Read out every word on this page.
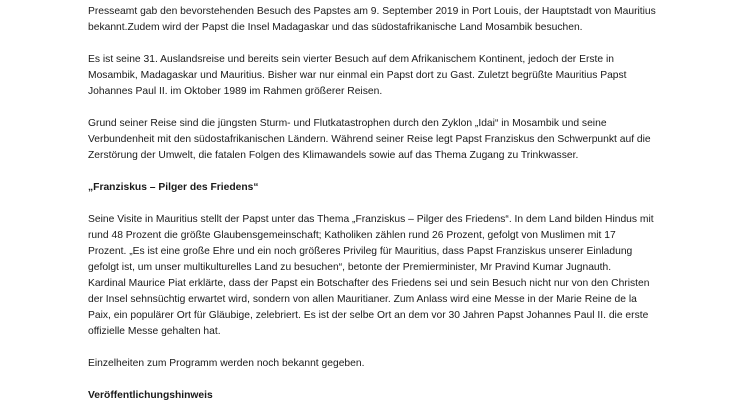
Presseamt gab den bevorstehenden Besuch des Papstes am 9. September 2019 in Port Louis, der Hauptstadt von Mauritius
bekannt.Zudem wird der Papst die Insel Madagaskar und das südostafrikanische Land Mosambik besuchen.
Es ist seine 31. Auslandsreise und bereits sein vierter Besuch auf dem Afrikanischem Kontinent, jedoch der Erste in
Mosambik, Madagaskar und Mauritius. Bisher war nur einmal ein Papst dort zu Gast. Zuletzt begrüßte Mauritius Papst
Johannes Paul II. im Oktober 1989 im Rahmen größerer Reisen.
Grund seiner Reise sind die jüngsten Sturm- und Flutkatastrophen durch den Zyklon „Idai“ in Mosambik und seine
Verbundenheit mit den südostafrikanischen Ländern. Während seiner Reise legt Papst Franziskus den Schwerpunkt auf die
Zerstörung der Umwelt, die fatalen Folgen des Klimawandels sowie auf das Thema Zugang zu Trinkwasser.
„Franziskus – Pilger des Friedens“
Seine Visite in Mauritius stellt der Papst unter das Thema „Franziskus – Pilger des Friedens“. In dem Land bilden Hindus mit
rund 48 Prozent die größte Glaubensgemeinschaft; Katholiken zählen rund 26 Prozent, gefolgt von Muslimen mit 17
Prozent. „Es ist eine große Ehre und ein noch größeres Privileg für Mauritius, dass Papst Franziskus unserer Einladung
gefolgt ist, um unser multikulturelles Land zu besuchen“, betonte der Premierminister, Mr Pravind Kumar Jugnauth.
Kardinal Maurice Piat erklärte, dass der Papst ein Botschafter des Friedens sei und sein Besuch nicht nur von den Christen
der Insel sehnsüchtig erwartet wird, sondern von allen Mauritianer. Zum Anlass wird eine Messe in der Marie Reine de la
Paix, ein populärer Ort für Gläubige, zelebriert. Es ist der selbe Ort an dem vor 30 Jahren Papst Johannes Paul II. die erste
offizielle Messe gehalten hat.
Einzelheiten zum Programm werden noch bekannt gegeben.
Veröffentlichungshinweis
